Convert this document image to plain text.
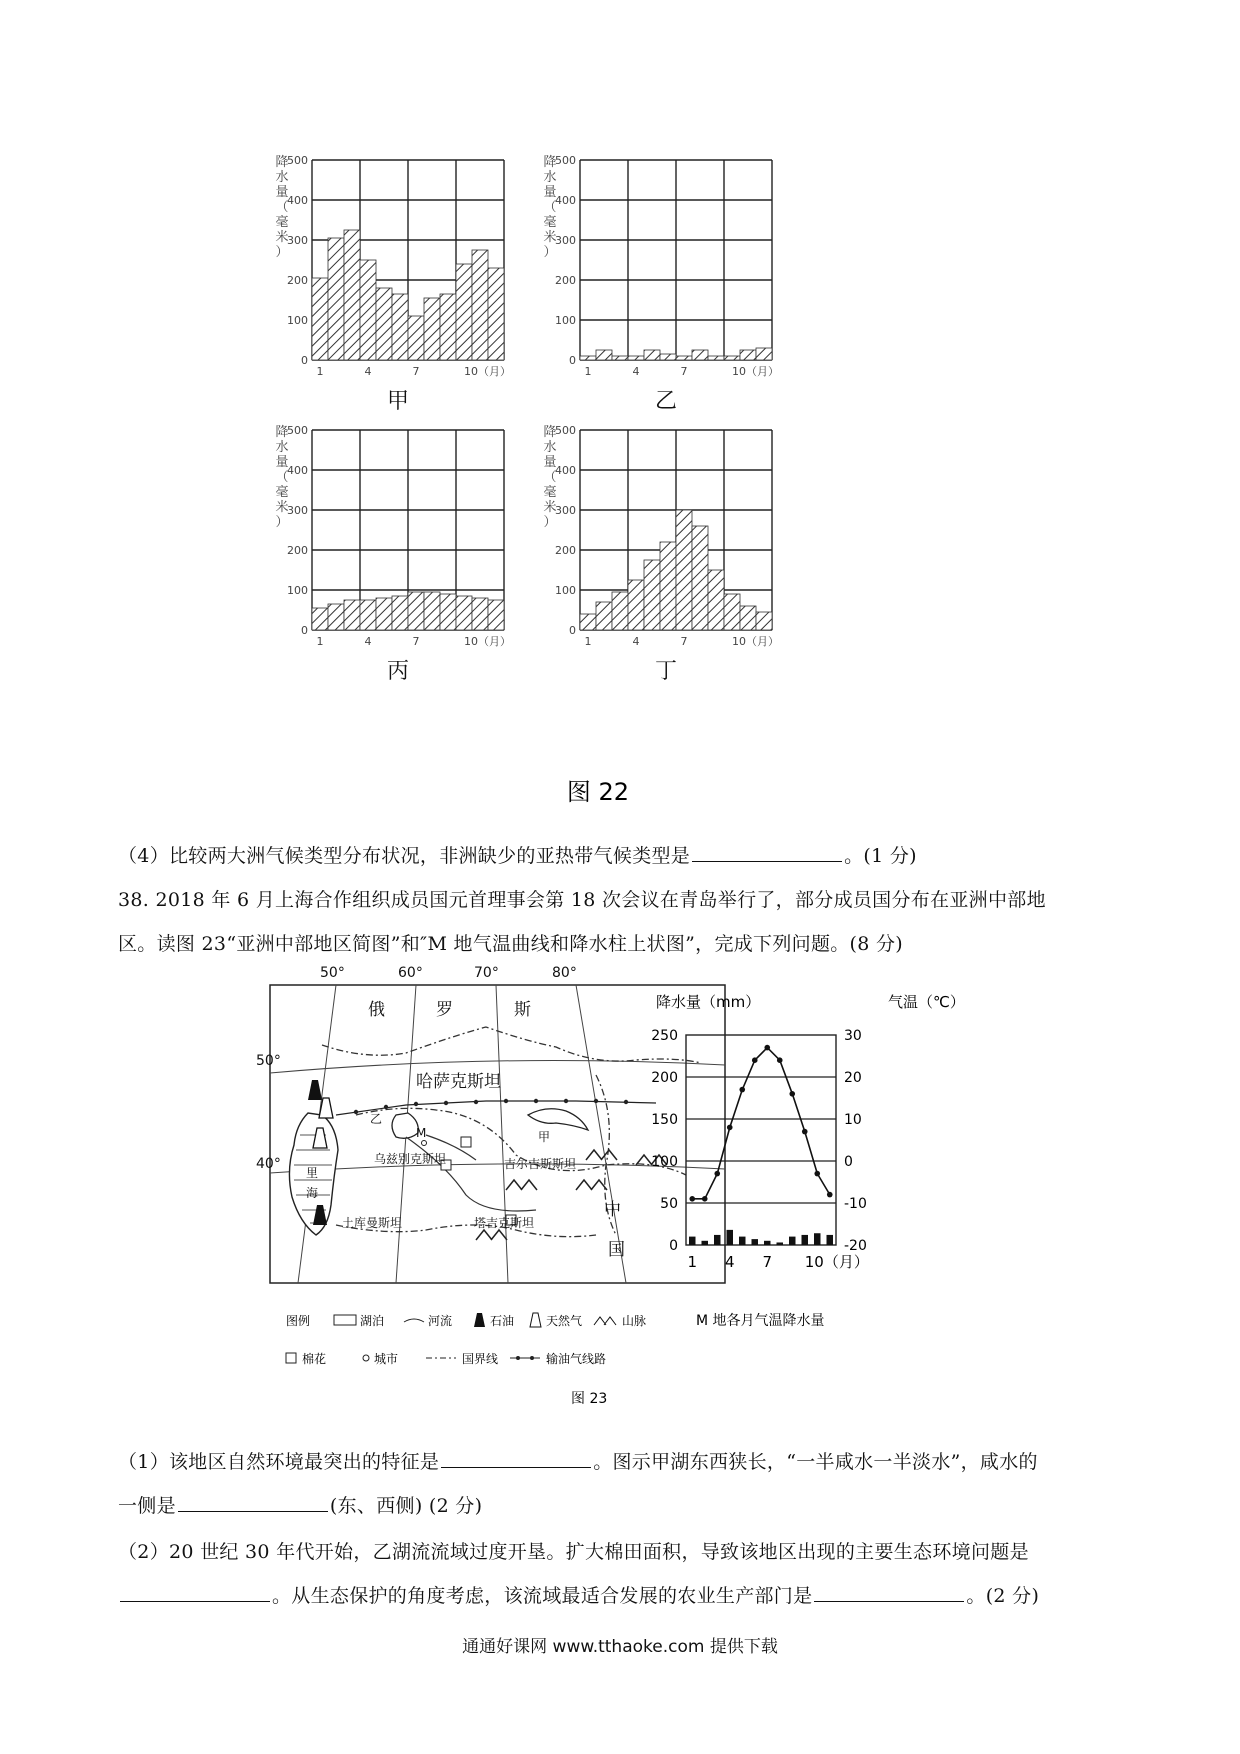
500
400
300
200
100
0
降
水
量
（
毫
米
）
1	4	7	10（月）
甲
500
400
300
200
100
0
降
水
量
（
毫
米
）
1	4	7	10（月）
乙
500
400
300
200
100
0
降
水
量
（
毫
米
）
1	4	7	10（月）
丙
500
400
300
200
100
0
降
水
量
（
毫
米
）
1	4	7	10（月）
丁
图 22
（4）比较两大洲气候类型分布状况，非洲缺少的亚热带气候类型是	。(1 分)
38. 2018 年 6 月上海合作组织成员国元首理事会第 18 次会议在青岛举行了，部分成员国分布在亚洲中部地
区。读图 23“亚洲中部地区简图”和″M 地气温曲线和降水柱上状图”，完成下列问题。(8 分)
50°	60°	70°	80°
50°
40°
俄	罗	斯
哈萨克斯坦
中
国
甲
乙
M
乌兹别克斯坦	吉尔吉斯斯坦
土库曼斯坦	塔吉克斯坦
里
海
降水量（mm）	气温（℃）
250
200
150
100
50
0
30
20
10
0
-10
-20
1 4 7 10（月）
M 地各月气温降水量
图例	湖泊	河流	石油	天然气	山脉
棉花	城市	国界线	输油气线路
图 23
（1）该地区自然环境最突出的特征是	。图示甲湖东西狭长，“一半咸水一半淡水”，咸水的
一侧是	(东、西侧) (2 分)
（2）20 世纪 30 年代开始，乙湖流流域过度开垦。扩大棉田面积，导致该地区出现的主要生态环境问题是
。从生态保护的角度考虑，该流域最适合发展的农业生产部门是	。(2 分)
通通好课网 www.tthaoke.com 提供下载
